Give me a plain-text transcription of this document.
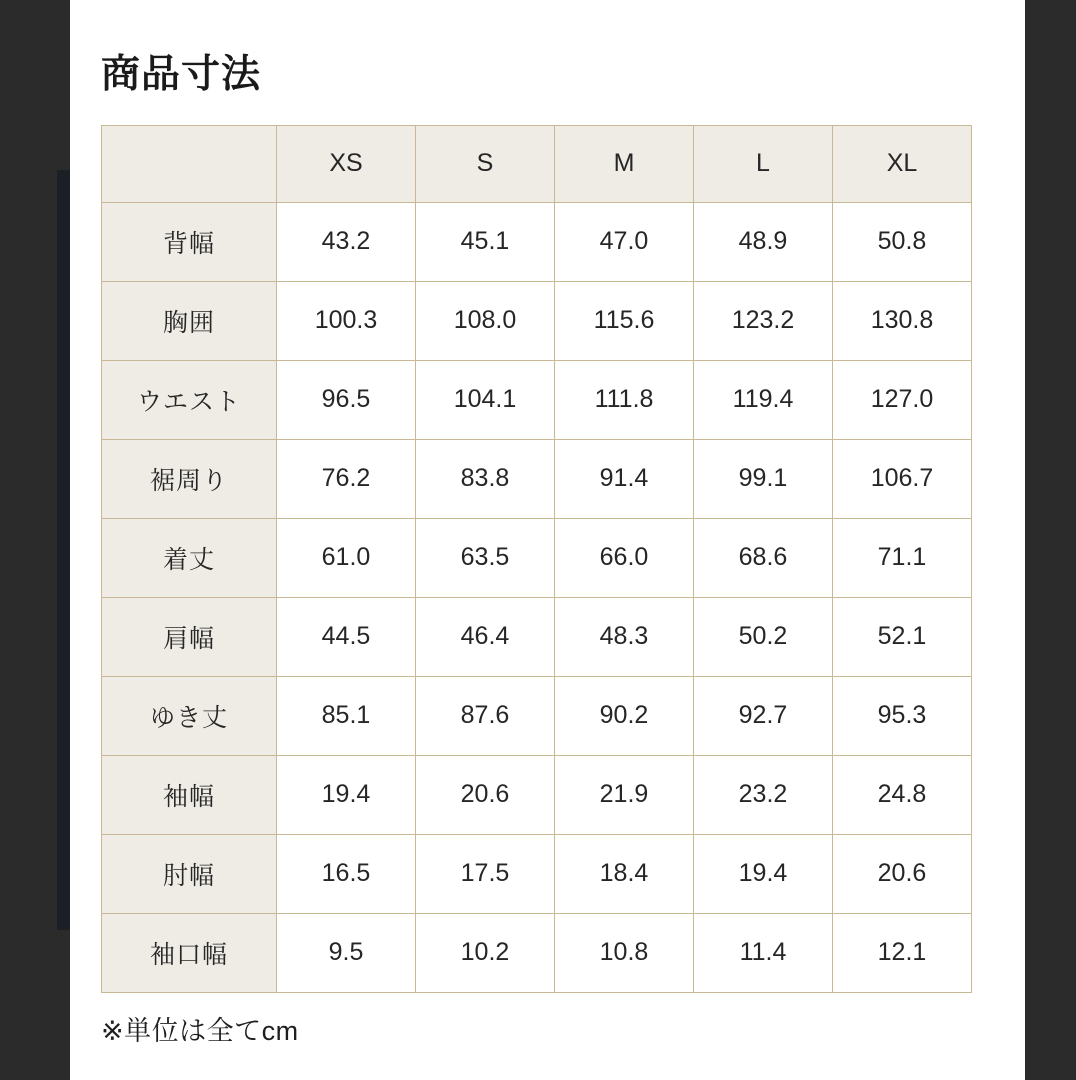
商品寸法
	XS	S	M	L	XL
背幅	43.2	45.1	47.0	48.9	50.8
胸囲	100.3	108.0	115.6	123.2	130.8
ウエスト	96.5	104.1	111.8	119.4	127.0
裾周り	76.2	83.8	91.4	99.1	106.7
着丈	61.0	63.5	66.0	68.6	71.1
肩幅	44.5	46.4	48.3	50.2	52.1
ゆき丈	85.1	87.6	90.2	92.7	95.3
袖幅	19.4	20.6	21.9	23.2	24.8
肘幅	16.5	17.5	18.4	19.4	20.6
袖口幅	9.5	10.2	10.8	11.4	12.1
※単位は全てcm
